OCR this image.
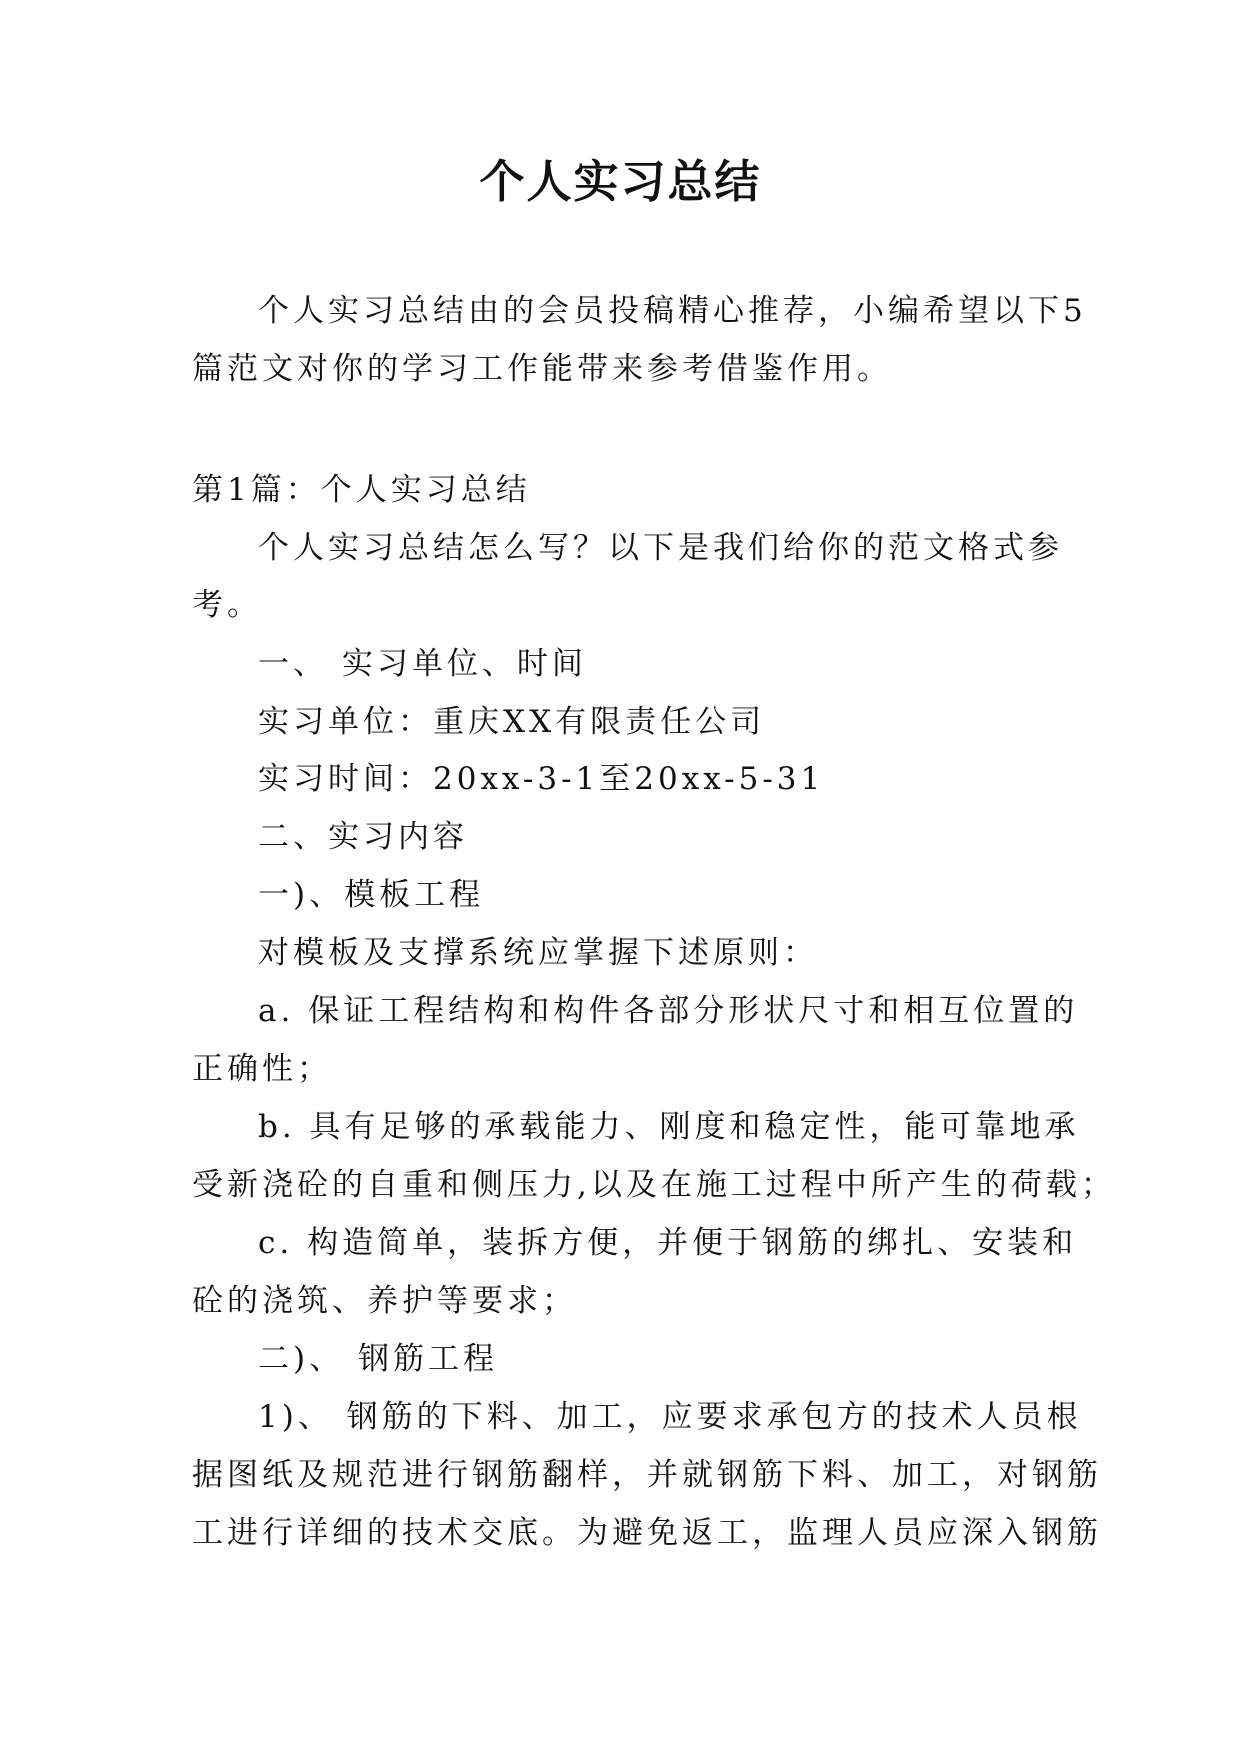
个人实习总结
个人实习总结由的会员投稿精心推荐，小编希望以下5
篇范文对你的学习工作能带来参考借鉴作用。
第1篇：个人实习总结
个人实习总结怎么写？以下是我们给你的范文格式参
考。
一、 实习单位、时间
实习单位：重庆XX有限责任公司
实习时间：20xx-3-1至20xx-5-31
二、实习内容
一)、模板工程
对模板及支撑系统应掌握下述原则：
a. 保证工程结构和构件各部分形状尺寸和相互位置的
正确性；
b. 具有足够的承载能力、刚度和稳定性，能可靠地承
受新浇砼的自重和侧压力,以及在施工过程中所产生的荷载；
c. 构造简单，装拆方便，并便于钢筋的绑扎、安装和
砼的浇筑、养护等要求；
二)、 钢筋工程
1)、 钢筋的下料、加工，应要求承包方的技术人员根
据图纸及规范进行钢筋翻样，并就钢筋下料、加工，对钢筋
工进行详细的技术交底。为避免返工，监理人员应深入钢筋
